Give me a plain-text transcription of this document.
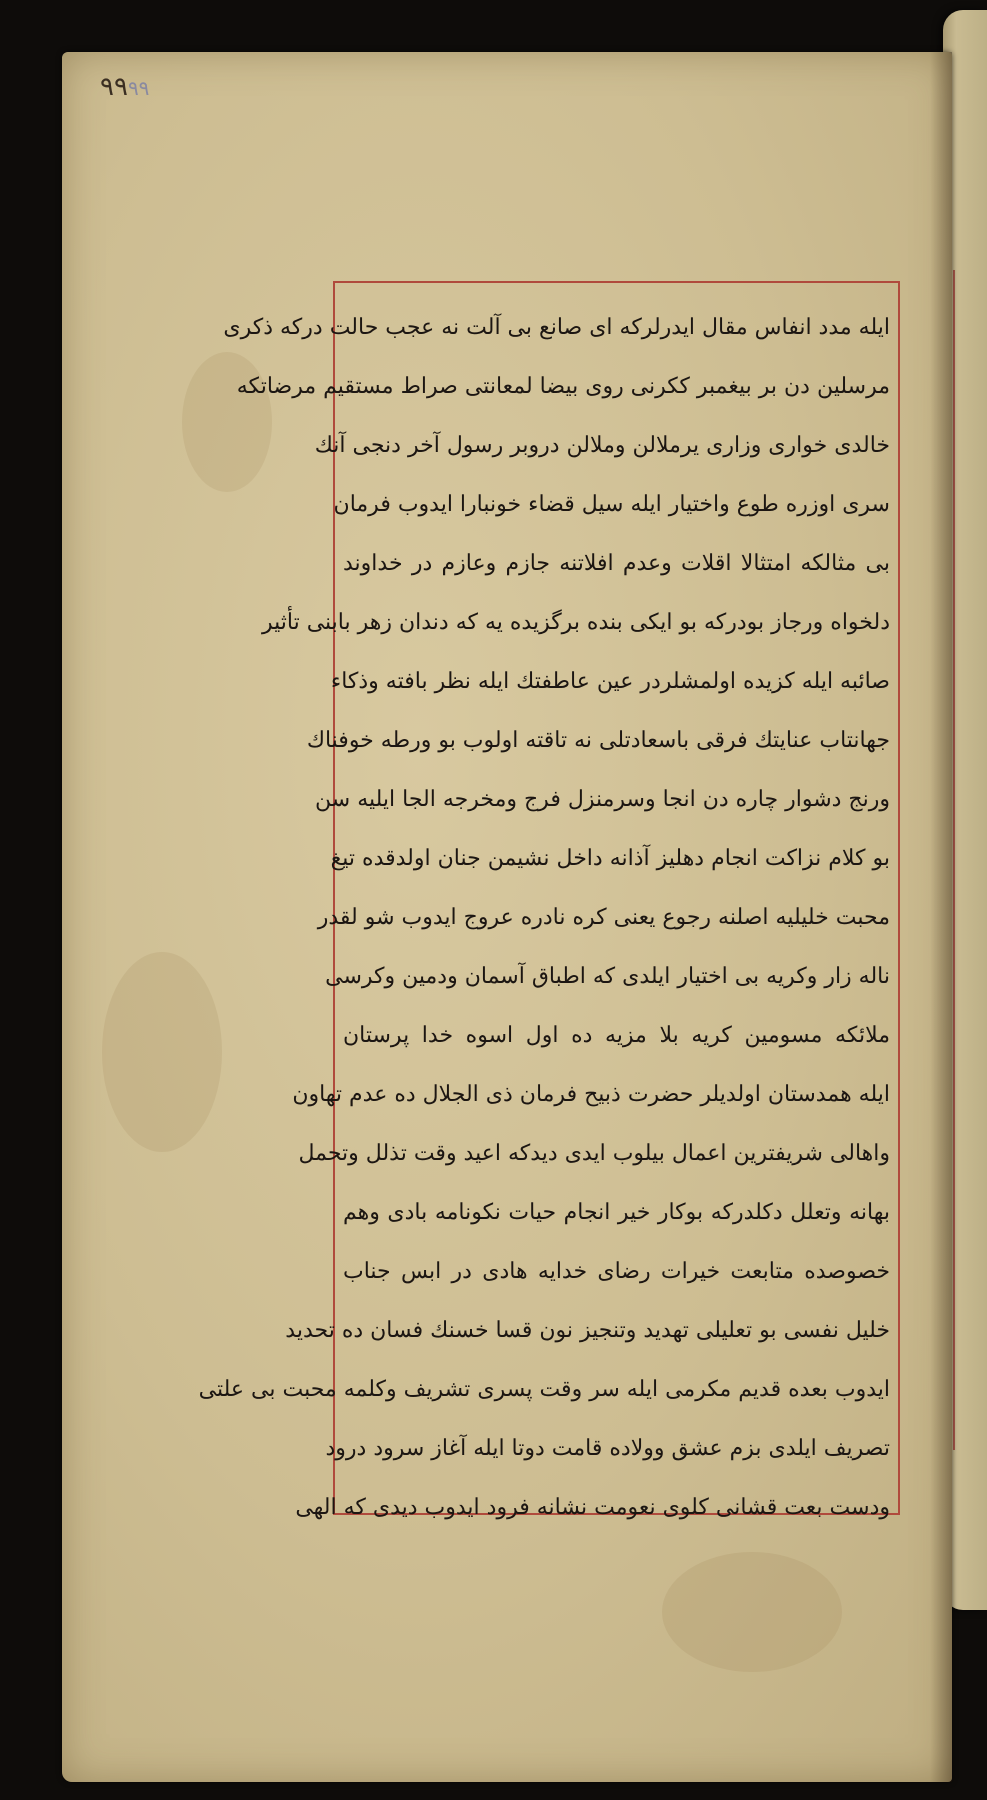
٩٩٩٩
ايله مدد انفاس مقال ايدرلركه اى صانع بى آلت نه عجب حالت دركه ذكرى
مرسلين دن بر بيغمبر ككرنى روى بيضا لمعانتى صراط مستقيم مرضاتكه
خالدى خوارى وزارى يرملالن وملالن دروبر رسول آخر دنجى آنك
سرى اوزره طوع واختيار ايله سيل قضاء خونبارا ايدوب فرمان
بى مثالكه امتثالا اقلات وعدم افلاتنه جازم وعازم در خداوند
دلخواه ورجاز بودركه بو ايكى بنده برگزيده يه كه دندان زهر بابنى تأثير
صائبه ايله كزيده اولمشلردر عين عاطفتك ايله نظر بافته وذكاء
جهانتاب عنايتك فرقى باسعادتلى نه تاقته اولوب بو ورطه خوفناك
ورنج دشوار چاره دن انجا وسرمنزل فرج ومخرجه الجا ايليه سن
بو كلام نزاكت انجام دهليز آذانه داخل نشيمن جنان اولدقده تيغ
محبت خليليه اصلنه رجوع يعنى كره نادره عروج ايدوب شو لقدر
ناله زار وكريه بى اختيار ايلدى كه اطباق آسمان ودمين وكرسى
ملائكه مسومين كريه بلا مزيه ده اول اسوه خدا پرستان
ايله همدستان اولديلر حضرت ذبيح فرمان ذى الجلال ده عدم تهاون
واهالى شريفترين اعمال بيلوب ايدى ديدكه اعيد وقت تذلل وتحمل
بهانه وتعلل دكلدركه بوكار خير انجام حيات نكونامه بادى وهم
خصوصده متابعت خيرات رضاى خدايه هادى در ابس جناب
خليل نفسى بو تعليلى تهديد وتنجيز نون قسا خسنك فسان ده تحديد
ايدوب بعده قديم مكرمى ايله سر وقت پسرى تشريف وكلمه محبت بى علتى
تصريف ايلدى بزم عشق وولاده قامت دوتا ايله آغاز سرود درود
ودست بعت قشانى كلوى نعومت نشانه فرود ايدوب ديدى كه الهى
